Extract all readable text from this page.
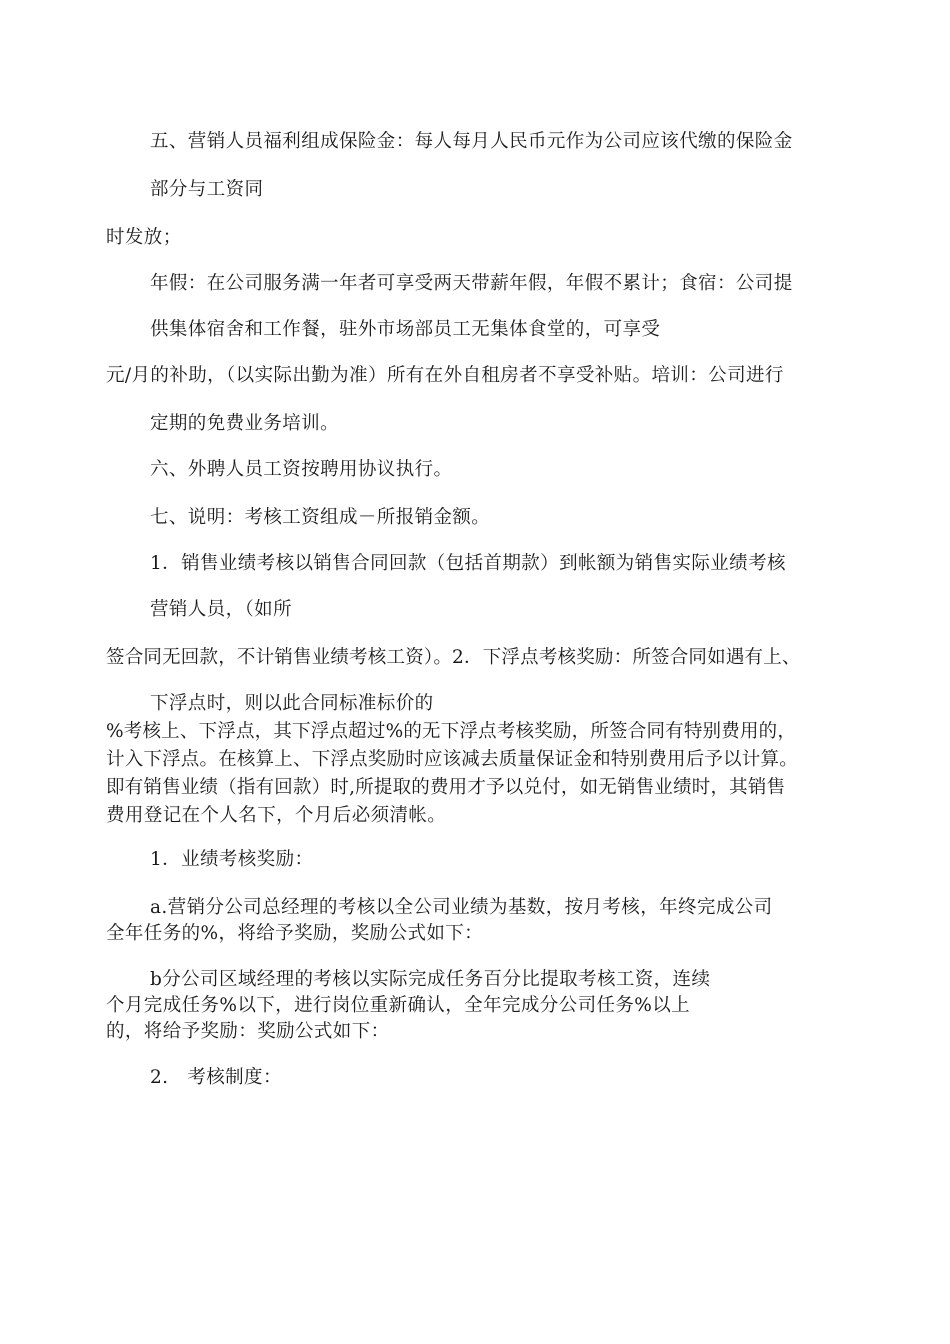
五、营销人员福利组成保险金：每人每月人民币元作为公司应该代缴的保险金
部分与工资同
时发放；
年假：在公司服务满一年者可享受两天带薪年假，年假不累计；食宿：公司提
供集体宿舍和工作餐，驻外市场部员工无集体食堂的，可享受
元/月的补助，（以实际出勤为准）所有在外自租房者不享受补贴。培训：公司进行
定期的免费业务培训。
六、外聘人员工资按聘用协议执行。
七、说明：考核工资组成－所报销金额。
1．销售业绩考核以销售合同回款（包括首期款）到帐额为销售实际业绩考核
营销人员，（如所
签合同无回款，不计销售业绩考核工资）。2．下浮点考核奖励：所签合同如遇有上、
下浮点时，则以此合同标准标价的
%考核上、下浮点，其下浮点超过%的无下浮点考核奖励，所签合同有特别费用的，
计入下浮点。在核算上、下浮点奖励时应该减去质量保证金和特别费用后予以计算。
即有销售业绩（指有回款）时,所提取的费用才予以兑付，如无销售业绩时，其销售
费用登记在个人名下，个月后必须清帐。
1．业绩考核奖励：
a.营销分公司总经理的考核以全公司业绩为基数，按月考核，年终完成公司
全年任务的%，将给予奖励，奖励公式如下：
b分公司区域经理的考核以实际完成任务百分比提取考核工资，连续
个月完成任务%以下，进行岗位重新确认，全年完成分公司任务%以上
的，将给予奖励：奖励公式如下：
2.　考核制度：
